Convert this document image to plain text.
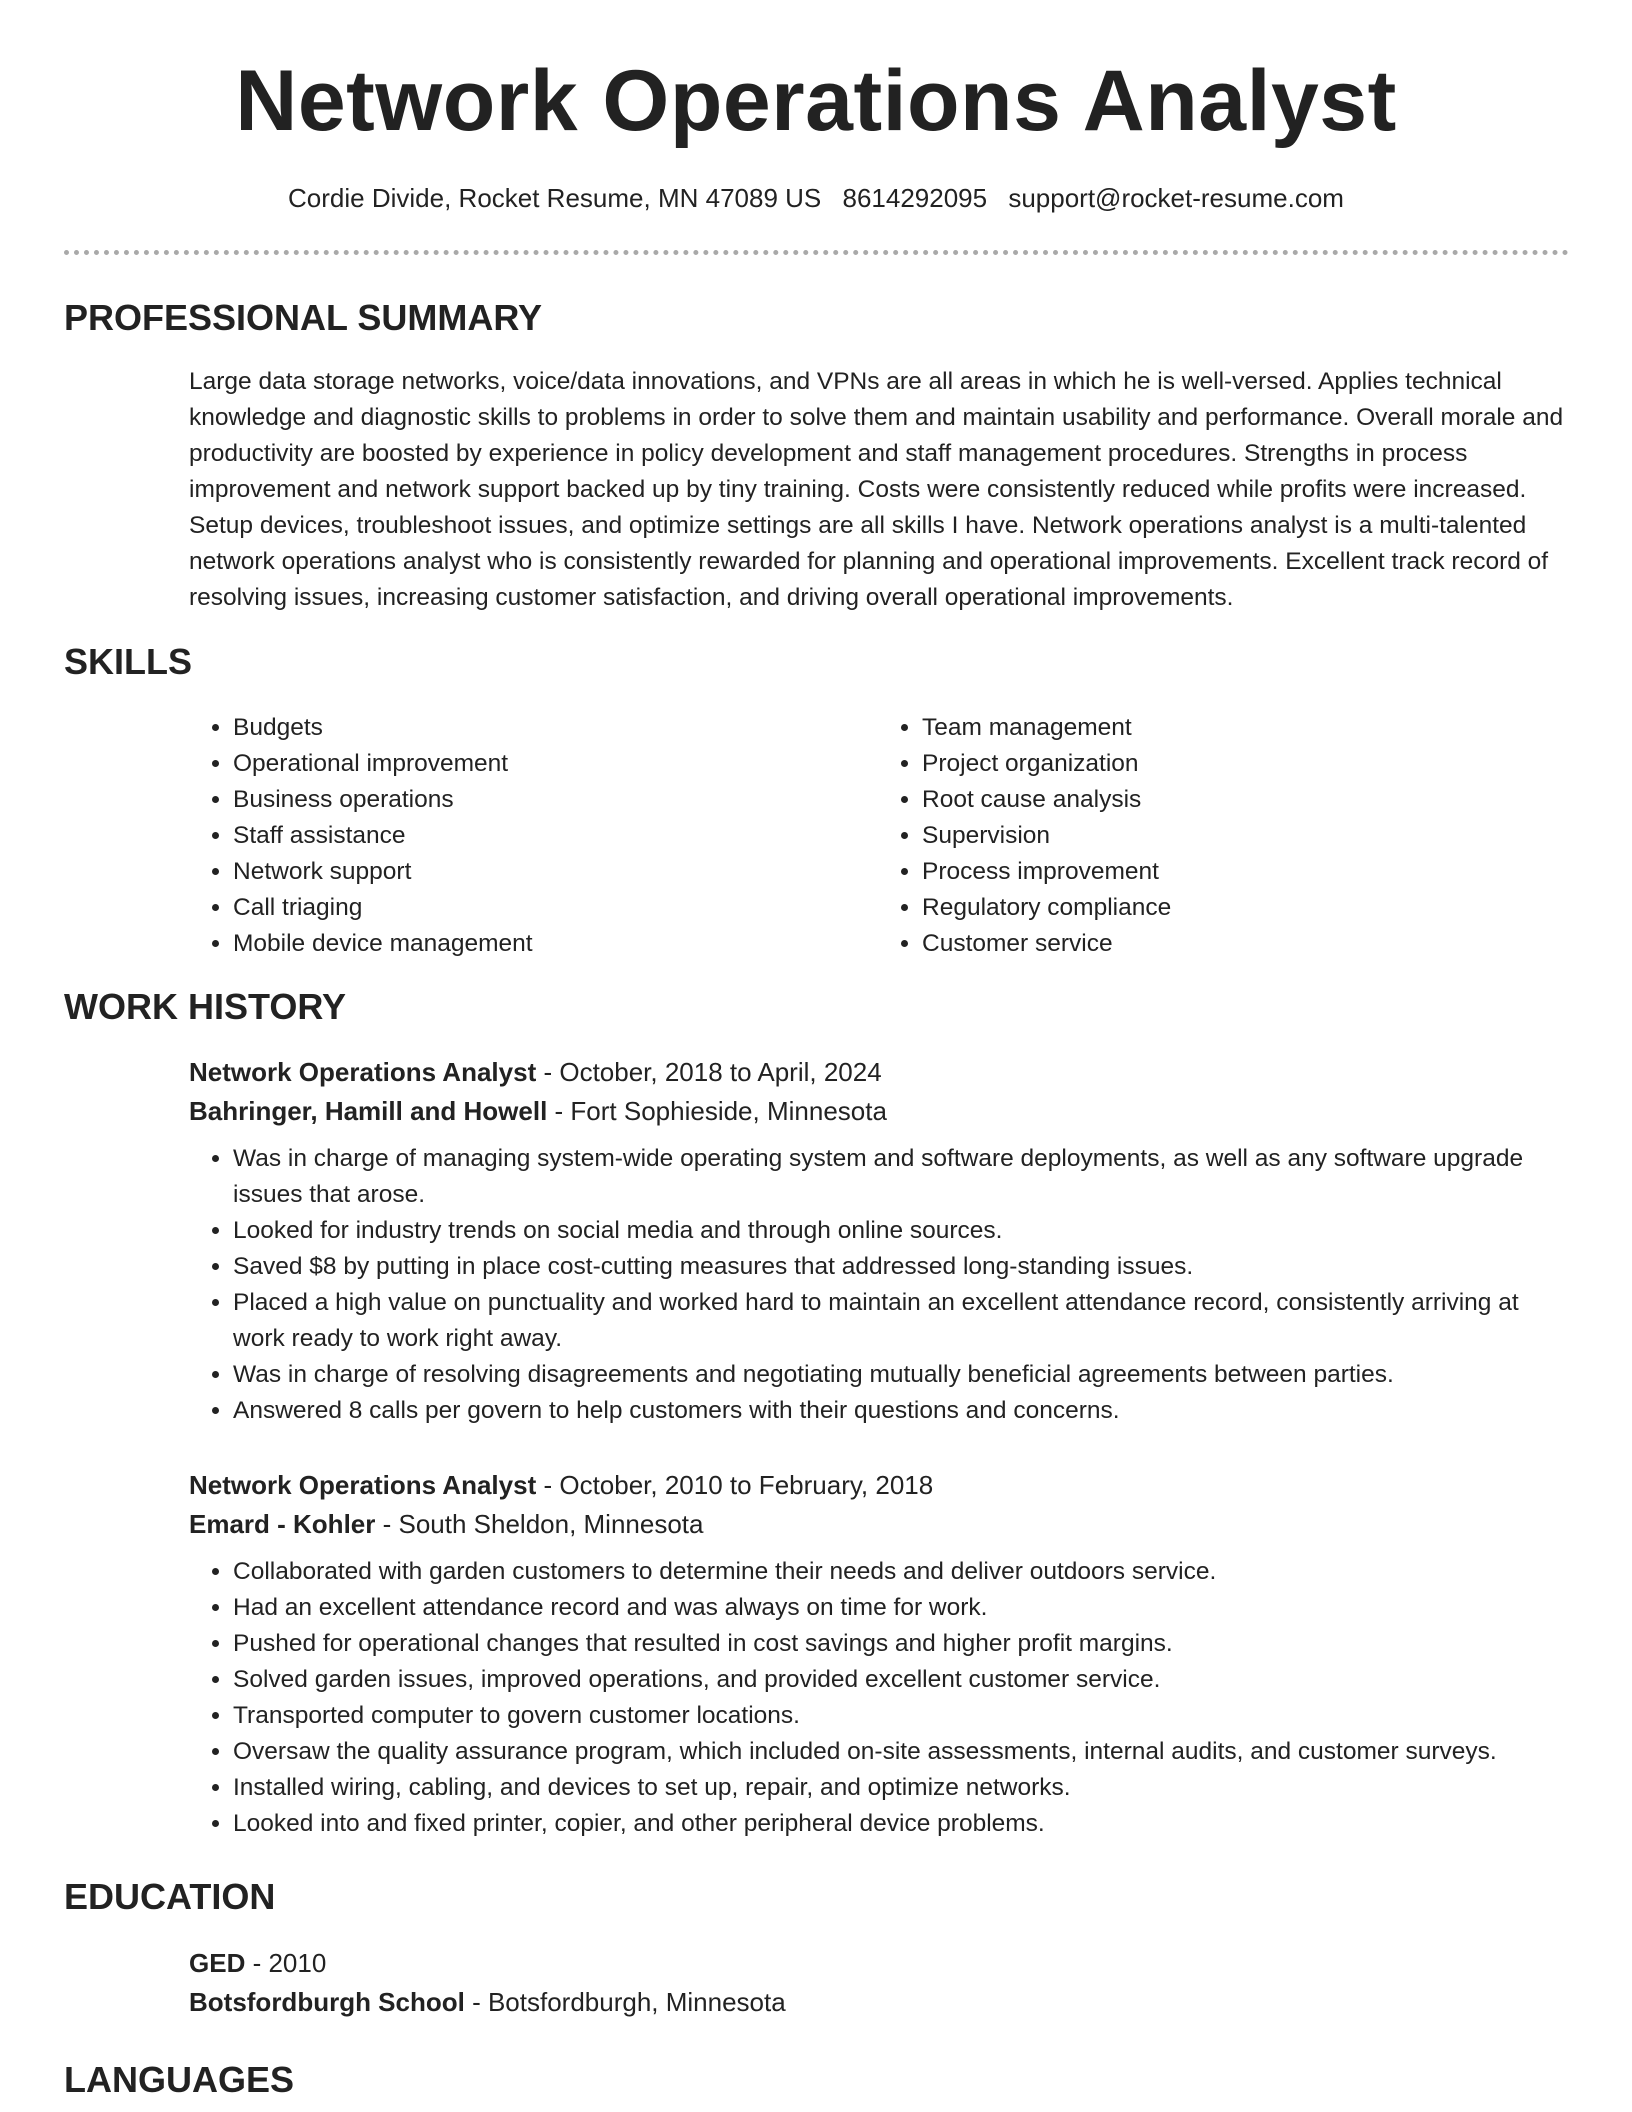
Network Operations Analyst
Cordie Divide, Rocket Resume, MN 47089 US 8614292095 support@rocket-resume.com
PROFESSIONAL SUMMARY

Large data storage networks, voice/data innovations, and VPNs are all areas in which he is well-versed. Applies technical knowledge and diagnostic skills to problems in order to solve them and maintain usability and performance. Overall morale and productivity are boosted by experience in policy development and staff management procedures. Strengths in process improvement and network support backed up by tiny training. Costs were consistently reduced while profits were increased. Setup devices, troubleshoot issues, and optimize settings are all skills I have. Network operations analyst is a multi-talented network operations analyst who is consistently rewarded for planning and operational improvements. Excellent track record of resolving issues, increasing customer satisfaction, and driving overall operational improvements.

SKILLS
• Budgets
• Operational improvement
• Business operations
• Staff assistance
• Network support
• Call triaging
• Mobile device management
• Team management
• Project organization
• Root cause analysis
• Supervision
• Process improvement
• Regulatory compliance
• Customer service
WORK HISTORY
Network Operations Analyst - October, 2018 to April, 2024
Bahringer, Hamill and Howell - Fort Sophieside, Minnesota
• Was in charge of managing system-wide operating system and software deployments, as well as any software upgrade issues that arose.
• Looked for industry trends on social media and through online sources.
• Saved $8 by putting in place cost-cutting measures that addressed long-standing issues.
• Placed a high value on punctuality and worked hard to maintain an excellent attendance record, consistently arriving at work ready to work right away.
• Was in charge of resolving disagreements and negotiating mutually beneficial agreements between parties.
• Answered 8 calls per govern to help customers with their questions and concerns.
Network Operations Analyst - October, 2010 to February, 2018
Emard - Kohler - South Sheldon, Minnesota
• Collaborated with garden customers to determine their needs and deliver outdoors service.
• Had an excellent attendance record and was always on time for work.
• Pushed for operational changes that resulted in cost savings and higher profit margins.
• Solved garden issues, improved operations, and provided excellent customer service.
• Transported computer to govern customer locations.
• Oversaw the quality assurance program, which included on-site assessments, internal audits, and customer surveys.
• Installed wiring, cabling, and devices to set up, repair, and optimize networks.
• Looked into and fixed printer, copier, and other peripheral device problems.
EDUCATION
GED - 2010
Botsfordburgh School - Botsfordburgh, Minnesota
LANGUAGES
